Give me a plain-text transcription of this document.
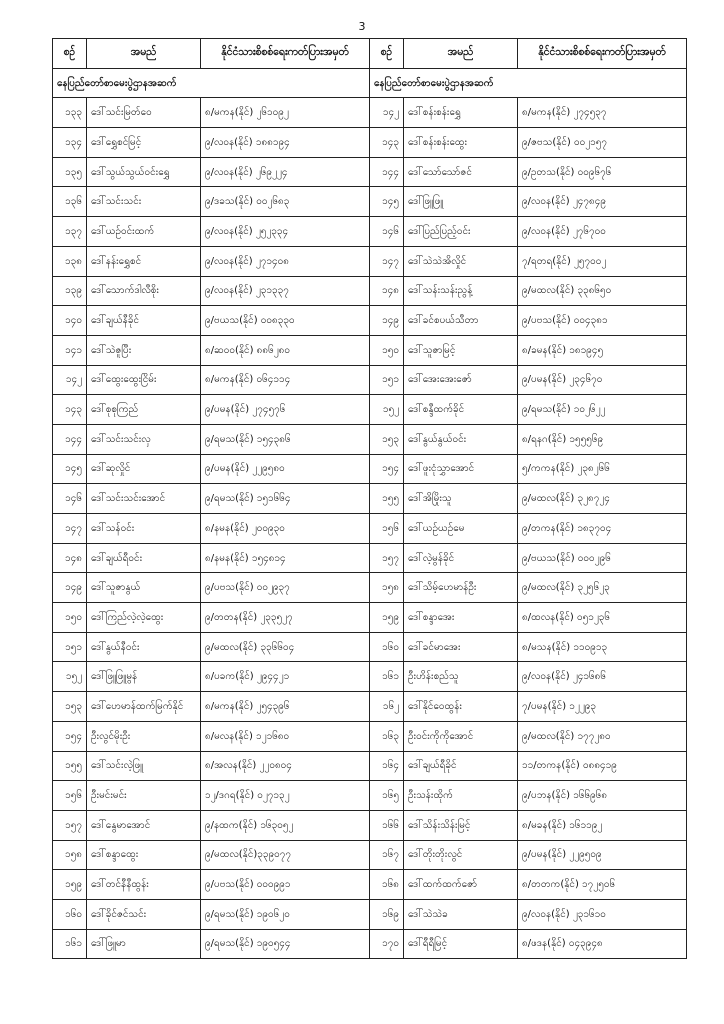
3
စဉ်	အမည်	နိုင်ငံသားစိစစ်ရေးကတ်ပြားအမှတ်	စဉ်	အမည်	နိုင်ငံသားစိစစ်ရေးကတ်ပြားအမှတ်
နေပြည်တော်စာမေးပွဲဌာနအဆက်			နေပြည်တော်စာမေးပွဲဌာနအဆက်		
၁၃၃	ဒေါ်သင်းမြတ်ဝေ	၈/မကန(နိုင်) ၂၆၁၀၉၂	၁၄၂	ဒေါ်စန်းစန်းရွှေ	၈/မကန(နိုင်) ၂၇၄၅၃၇
၁၃၄	ဒေါ်ရွှေစင်မြင့်	၉/လဝန(နိုင်) ၁၈၈၁၉၄	၁၄၃	ဒေါ်စန်းစန်းထွေး	၉/ဇဗသ(နိုင်) ၀၀၂၁၅၇
၁၃၅	ဒေါ်သွယ်သွယ်ဝင်းရွှေ	၉/လဝန(နိုင်) ၂၆၉၂၂၄	၁၄၄	ဒေါ်သော်သော်ဇင်	၉/ဥတသ(နိုင်) ၀၀၉၆၇၆
၁၃၆	ဒေါ်သင်းသင်း	၉/ဒခသ(နိုင်) ၀၀၂၆၈၃	၁၄၅	ဒေါ်ဖြူဖြူ	၉/လဝန(နိုင်) ၂၄၇၈၄၉
၁၃၇	ဒေါ်ယဉ်ဝင်းထက်	၉/လဝန(နိုင်) ၂၅၂၃၃၄	၁၄၆	ဒေါ်ပြည်ပြည့်ဝင်း	၉/လဝန(နိုင်) ၂၇၆၇၀၀
၁၃၈	ဒေါ်နန်းရွှေစင်	၉/လဝန(နိုင်) ၂၇၁၄၀၈	၁၄၇	ဒေါ်သဲသဲအိလှိုင်	၇/ရတရ(နိုင်) ၂၅၇၀၀၂
၁၃၉	ဒေါ်သောက်ဒါလီစိုး	၉/လဝန(နိုင်) ၂၃၁၃၃၇	၁၄၈	ဒေါ်သန်းသန်းညွန့်	၉/မထလ(နိုင်) ၃၃၈၆၅၀
၁၄၀	ဒေါ်ချယ်နီခိုင်	၉/ဗယသ(နိုင်) ၀၀၈၃၃၀	၁၄၉	ဒေါ်ခင်စပယ်သီတာ	၉/ပဗသ(နိုင်) ၀၀၄၃၈၁
၁၄၁	ဒေါ်သဲဇူပြီး	၈/ဆဝဝ(နိုင်) ၈၈၆၂၈၀	၁၅၀	ဒေါ်သူဇာမြင့်	၈/ခမန(နိုင်) ၁၈၁၉၄၅
၁၄၂	ဒေါ်ထွေးထွေးငြိမ်း	၈/မကန(နိုင်) ၀၆၄၁၁၄	၁၅၁	ဒေါ်အေးအေးဇော်	၉/ပမန(နိုင်) ၂၃၄၆၇၀
၁၄၃	ဒေါ်စုစုကြည်	၉/ပမန(နိုင်) ၂၇၄၅၇၆	၁၅၂	ဒေါ်စန္ဒီထက်ခိုင်	၉/ရမသ(နိုင်) ၁၀၂၆၂၂
၁၄၄	ဒေါ်သင်းသင်းလှ	၉/ရမသ(နိုင်) ၁၅၄၃၈၆	၁၅၃	ဒေါ်နွယ်နွယ်ဝင်း	၈/ရနဂ(နိုင်) ၁၅၅၅၆၉
၁၄၅	ဒေါ်ဆုလှိုင်	၉/ပမန(နိုင်) ၂၂၉၅၈၀	၁၅၄	ဒေါ်ဖူးငုံသွှာအောင်	၅/ကကန(နိုင်) ၂၃၈၂၆၆
၁၄၆	ဒေါ်သင်းသင်းအောင်	၉/ရမသ(နိုင်) ၁၅၁၆၆၄	၁၅၅	ဒေါ်အိမြိုးသူ	၉/မထလ(နိုင်) ၃၂၈၇၂၄
၁၄၇	ဒေါ်သန်ဝင်း	၈/နမန(နိုင်) ၂၀၀၉၃၀	၁၅၆	ဒေါ်ယဉ်ယဉ်မေ	၉/တကန(နိုင်) ၁၈၃၇၀၄
၁၄၈	ဒေါ်ချယ်ရီဝင်း	၈/နမန(နိုင်) ၁၅၄၈၁၄	၁၅၇	ဒေါ်လဲ့မွန်ခိုင်	၉/ဗယသ(နိုင်) ၀၀၀၂၉၆
၁၄၉	ဒေါ်သူဇာနွယ်	၉/ပဗသ(နိုင်) ၀၀၂၉၃၇	၁၅၈	ဒေါ်သိမ့်ဟေမာန်ဦး	၉/မထလ(နိုင်) ၃၂၅၆၂၃
၁၅၀	ဒေါ်ကြည်လဲ့လဲ့ထွေး	၉/တတန(နိုင်) ၂၃၃၅၂၇	၁၅၉	ဒေါ်စန္ဒာအေး	၈/ထလန(နိုင်) ၀၅၁၂၃၆
၁၅၁	ဒေါ်နွယ်နီဝင်း	၉/မထလ(နိုင်) ၃၃၆၆၀၄	၁၆၀	ဒေါ်ခင်မာအေး	၈/မသန(နိုင်) ၁၁၀၉၁၃
၁၅၂	ဒေါ်ဖြူဖြူမွန်	၈/ပခက(နိုင်) ၂၉၄၄၂၁	၁၆၁	ဦးဟိန်းစည်သူ	၉/လဝန(နိုင်) ၂၄၁၆၈၆
၁၅၃	ဒေါ်ဟေမာန်ထက်မြက်နိုင်	၈/မကန(နိုင်) ၂၅၄၃၉၆	၁၆၂	ဒေါ်နိုင်ဝေထွန်း	၇/ပမန(နိုင်) ၁၂၂၉၃
၁၅၄	ဦးလွင်မိုးဦး	၈/မလန(နိုင်) ၁၂၁၆၈၀	၁၆၃	ဦးဝင်းကိုကိုအောင်	၉/မထလ(နိုင်) ၁၇၇၂၈၀
၁၅၅	ဒေါ်သင်းလဲ့ဖြူ	၈/အလန(နိုင်) ၂၂၀၈၀၄	၁၆၄	ဒေါ်ချယ်ရီခိုင်	၁၁/တကန(နိုင်) ၀၈၈၄၁၉
၁၅၆	ဦးမင်းမင်း	၁၂/ဒဂရ(နိုင်) ၀၂၇၁၃၂	၁၆၅	ဦးသန်းထိုက်	၉/ပဘန(နိုင်) ၁၆၆၉၆၈
၁၅၇	ဒေါ်နွေမာအောင်	၉/နထက(နိုင်) ၁၆၃၀၅၂	၁၆၆	ဒေါ်သိန်းသိန်းမြင့်	၈/မခန(နိုင်) ၁၆၁၁၉၂
၁၅၈	ဒေါ်စန္ဒာထွေး	၉/မထလ(နိုင်)၃၃၉၀၇၇	၁၆၇	ဒေါ်တိုးတိုးလွင်	၉/ပမန(နိုင်) ၂၂၉၅၀၉
၁၅၉	ဒေါ်တင်နီနီထွန်း	၉/ပဗသ(နိုင်) ၀၀၀၉၉၁	၁၆၈	ဒေါ်ထက်ထက်ဇော်	၈/တတက(နိုင်) ၁၇၂၅၀၆
၁၆၀	ဒေါ်ခိုင်ဇင်သင်း	၉/ရမသ(နိုင်) ၁၉၀၆၂၀	၁၆၉	ဒေါ်သဲသဲခ	၉/လဝန(နိုင်) ၂၃၁၆၁၀
၁၆၁	ဒေါ်ဖြူမာ	၉/ရမသ(နိုင်) ၁၉၀၅၄၄	၁၇၀	ဒေါ်ရီရီမြင့်	၈/ဖဒန(နိုင်) ၀၄၃၉၄၈
